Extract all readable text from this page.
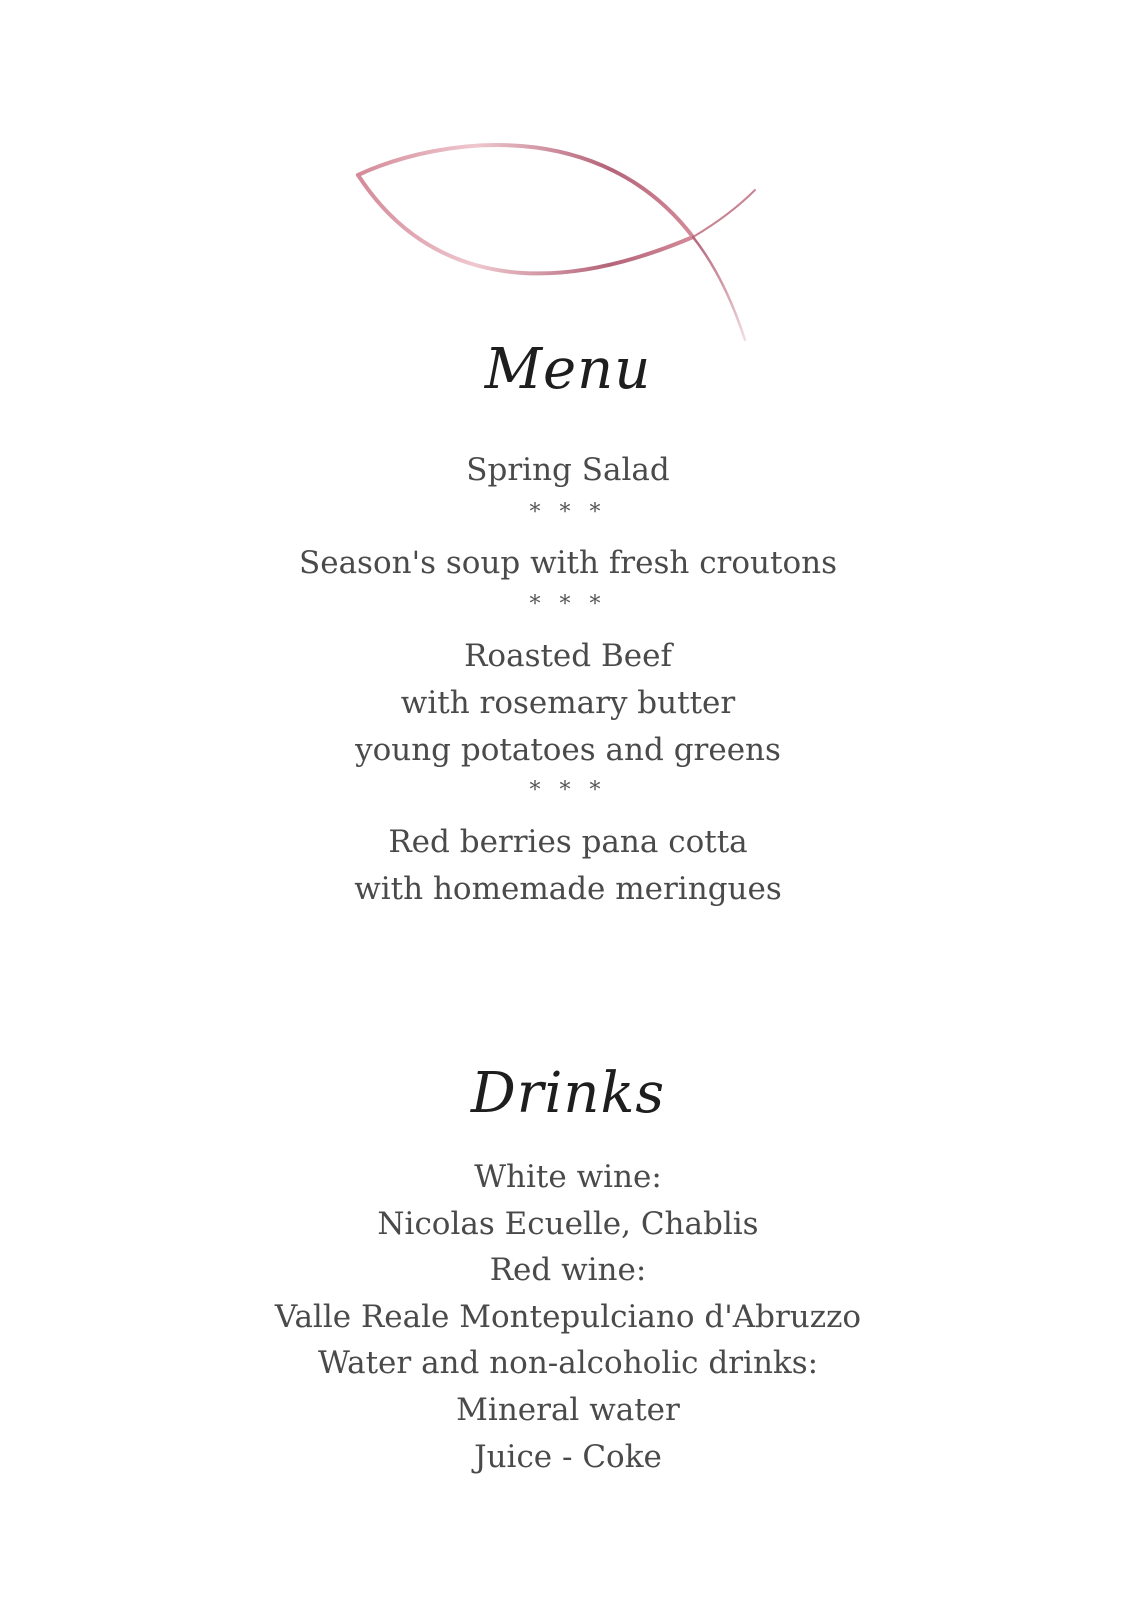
Menu
Spring Salad
* * *
Season's soup with fresh croutons
* * *
Roasted Beef
with rosemary butter
young potatoes and greens
* * *
Red berries pana cotta
with homemade meringues
Drinks
White wine:
Nicolas Ecuelle, Chablis
Red wine:
Valle Reale Montepulciano d'Abruzzo
Water and non-alcoholic drinks:
Mineral water
Juice - Coke
